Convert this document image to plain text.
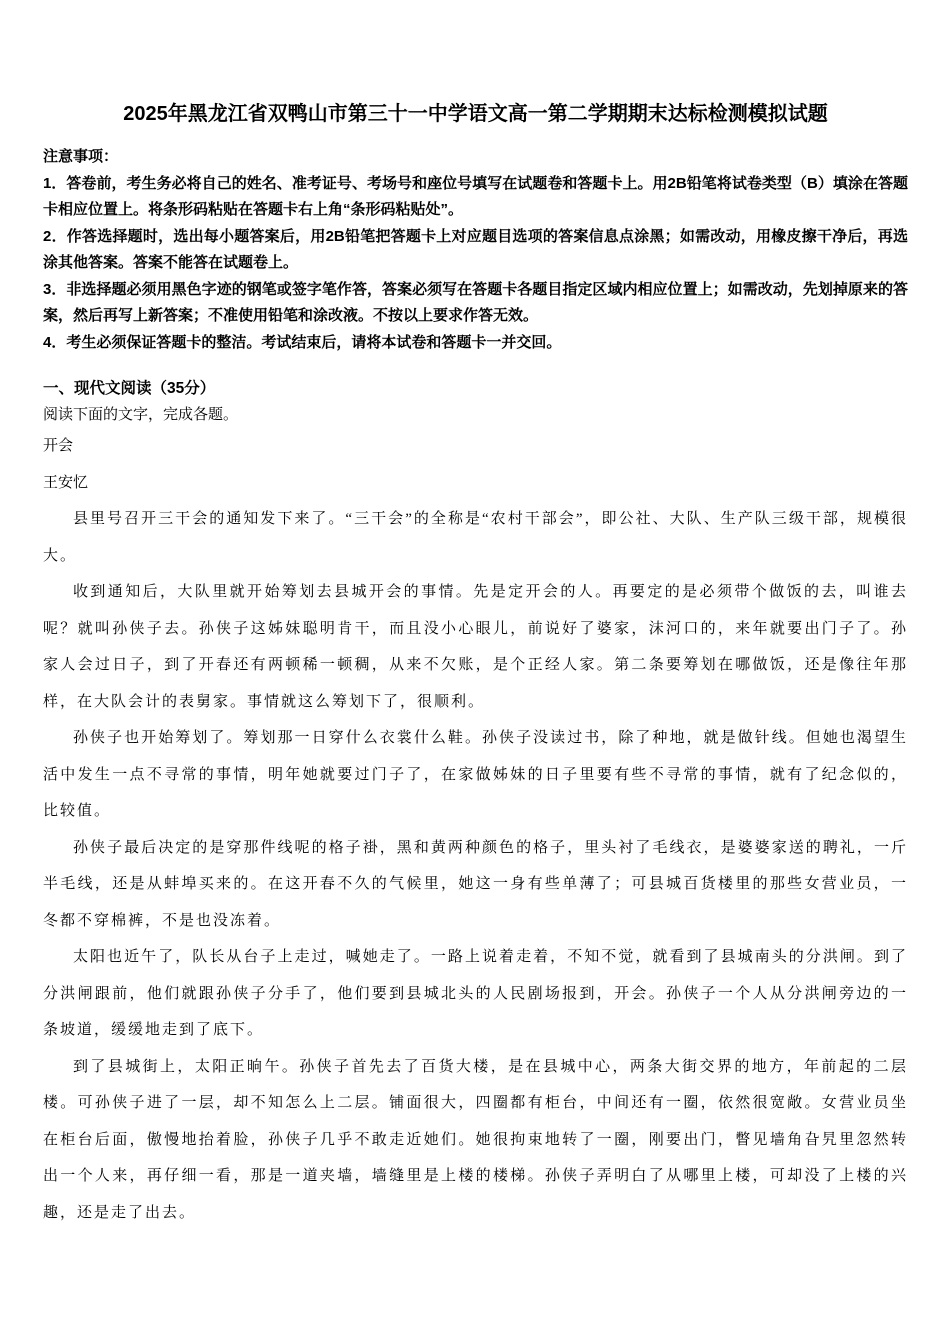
2025年黑龙江省双鸭山市第三十一中学语文高一第二学期期末达标检测模拟试题

注意事项：

1．答卷前，考生务必将自己的姓名、准考证号、考场号和座位号填写在试题卷和答题卡上。用2B铅笔将试卷类型（B）填涂在答题卡相应位置上。将条形码粘贴在答题卡右上角“条形码粘贴处”。

2．作答选择题时，选出每小题答案后，用2B铅笔把答题卡上对应题目选项的答案信息点涂黑；如需改动，用橡皮擦干净后，再选涂其他答案。答案不能答在试题卷上。

3．非选择题必须用黑色字迹的钢笔或签字笔作答，答案必须写在答题卡各题目指定区域内相应位置上；如需改动，先划掉原来的答案，然后再写上新答案；不准使用铅笔和涂改液。不按以上要求作答无效。

4．考生必须保证答题卡的整洁。考试结束后，请将本试卷和答题卡一并交回。

一、现代文阅读（35分）

阅读下面的文字，完成各题。

开会

王安忆

县里号召开三干会的通知发下来了。“三干会”的全称是“农村干部会”，即公社、大队、生产队三级干部，规模很大。

收到通知后，大队里就开始筹划去县城开会的事情。先是定开会的人。再要定的是必须带个做饭的去，叫谁去呢？就叫孙侠子去。孙侠子这姊妹聪明肯干，而且没小心眼儿，前说好了婆家，沫河口的，来年就要出门子了。孙家人会过日子，到了开春还有两顿稀一顿稠，从来不欠账，是个正经人家。第二条要筹划在哪做饭，还是像往年那样，在大队会计的表舅家。事情就这么筹划下了，很顺利。

孙侠子也开始筹划了。筹划那一日穿什么衣裳什么鞋。孙侠子没读过书，除了种地，就是做针线。但她也渴望生活中发生一点不寻常的事情，明年她就要过门子了，在家做姊妹的日子里要有些不寻常的事情，就有了纪念似的，比较值。

孙侠子最后决定的是穿那件线呢的格子褂，黑和黄两种颜色的格子，里头衬了毛线衣，是婆婆家送的聘礼，一斤半毛线，还是从蚌埠买来的。在这开春不久的气候里，她这一身有些单薄了；可县城百货楼里的那些女营业员，一冬都不穿棉裤，不是也没冻着。

太阳也近午了，队长从台子上走过，喊她走了。一路上说着走着，不知不觉，就看到了县城南头的分洪闸。到了分洪闸跟前，他们就跟孙侠子分手了，他们要到县城北头的人民剧场报到，开会。孙侠子一个人从分洪闸旁边的一条坡道，缓缓地走到了底下。

到了县城街上，太阳正晌午。孙侠子首先去了百货大楼，是在县城中心，两条大街交界的地方，年前起的二层楼。可孙侠子进了一层，却不知怎么上二层。铺面很大，四圈都有柜台，中间还有一圈，依然很宽敞。女营业员坐在柜台后面，傲慢地抬着脸，孙侠子几乎不敢走近她们。她很拘束地转了一圈，刚要出门，瞥见墙角旮旯里忽然转出一个人来，再仔细一看，那是一道夹墙，墙缝里是上楼的楼梯。孙侠子弄明白了从哪里上楼，可却没了上楼的兴趣，还是走了出去。
